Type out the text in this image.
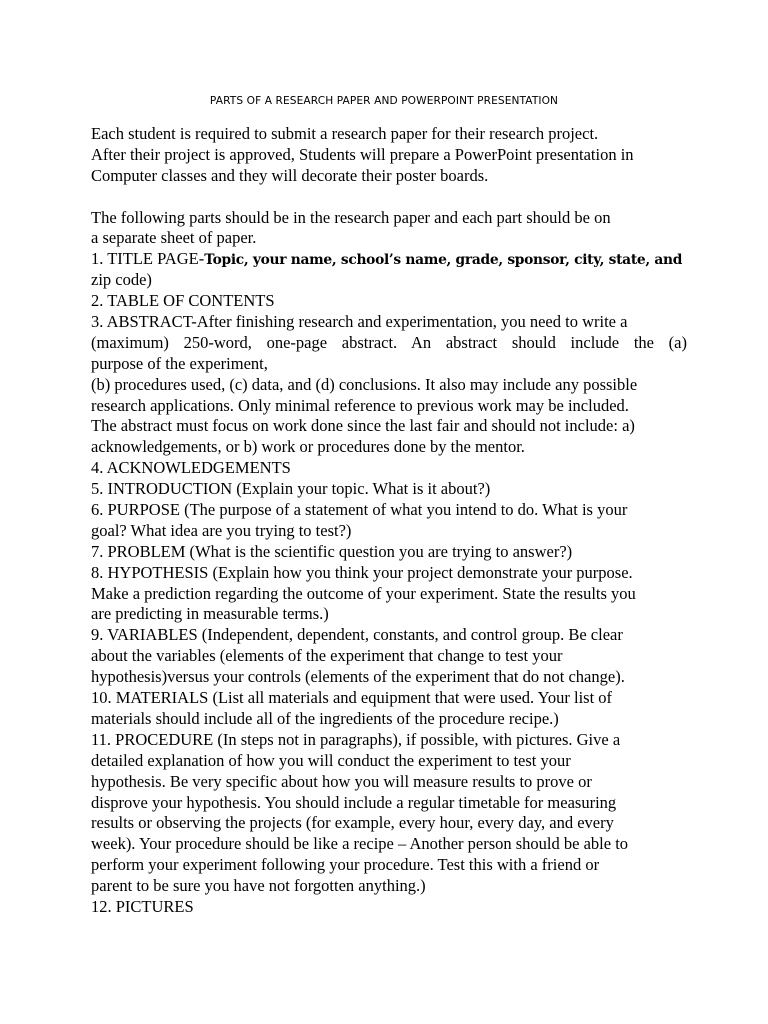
PARTS OF A RESEARCH PAPER AND POWERPOINT PRESENTATION
Each student is required to submit a research paper for their research project.
After their project is approved, Students will prepare a PowerPoint presentation in
Computer classes and they will decorate their poster boards.
The following parts should be in the research paper and each part should be on
a separate sheet of paper.
1. TITLE PAGE-Topic, your name, school’s name, grade, sponsor, city, state, and
zip code)
2. TABLE OF CONTENTS
3. ABSTRACT-After finishing research and experimentation, you need to write a
(maximum) 250-word, one-page abstract. An abstract should include the (a)
purpose of the experiment,
(b) procedures used, (c) data, and (d) conclusions. It also may include any possible
research applications. Only minimal reference to previous work may be included.
The abstract must focus on work done since the last fair and should not include: a)
acknowledgements, or b) work or procedures done by the mentor.
4. ACKNOWLEDGEMENTS
5. INTRODUCTION (Explain your topic. What is it about?)
6. PURPOSE (The purpose of a statement of what you intend to do. What is your
goal? What idea are you trying to test?)
7. PROBLEM (What is the scientific question you are trying to answer?)
8. HYPOTHESIS (Explain how you think your project demonstrate your purpose.
Make a prediction regarding the outcome of your experiment. State the results you
are predicting in measurable terms.)
9. VARIABLES (Independent, dependent, constants, and control group. Be clear
about the variables (elements of the experiment that change to test your
hypothesis)versus your controls (elements of the experiment that do not change).
10. MATERIALS (List all materials and equipment that were used. Your list of
materials should include all of the ingredients of the procedure recipe.)
11. PROCEDURE (In steps not in paragraphs), if possible, with pictures. Give a
detailed explanation of how you will conduct the experiment to test your
hypothesis. Be very specific about how you will measure results to prove or
disprove your hypothesis. You should include a regular timetable for measuring
results or observing the projects (for example, every hour, every day, and every
week). Your procedure should be like a recipe – Another person should be able to
perform your experiment following your procedure. Test this with a friend or
parent to be sure you have not forgotten anything.)
12. PICTURES
